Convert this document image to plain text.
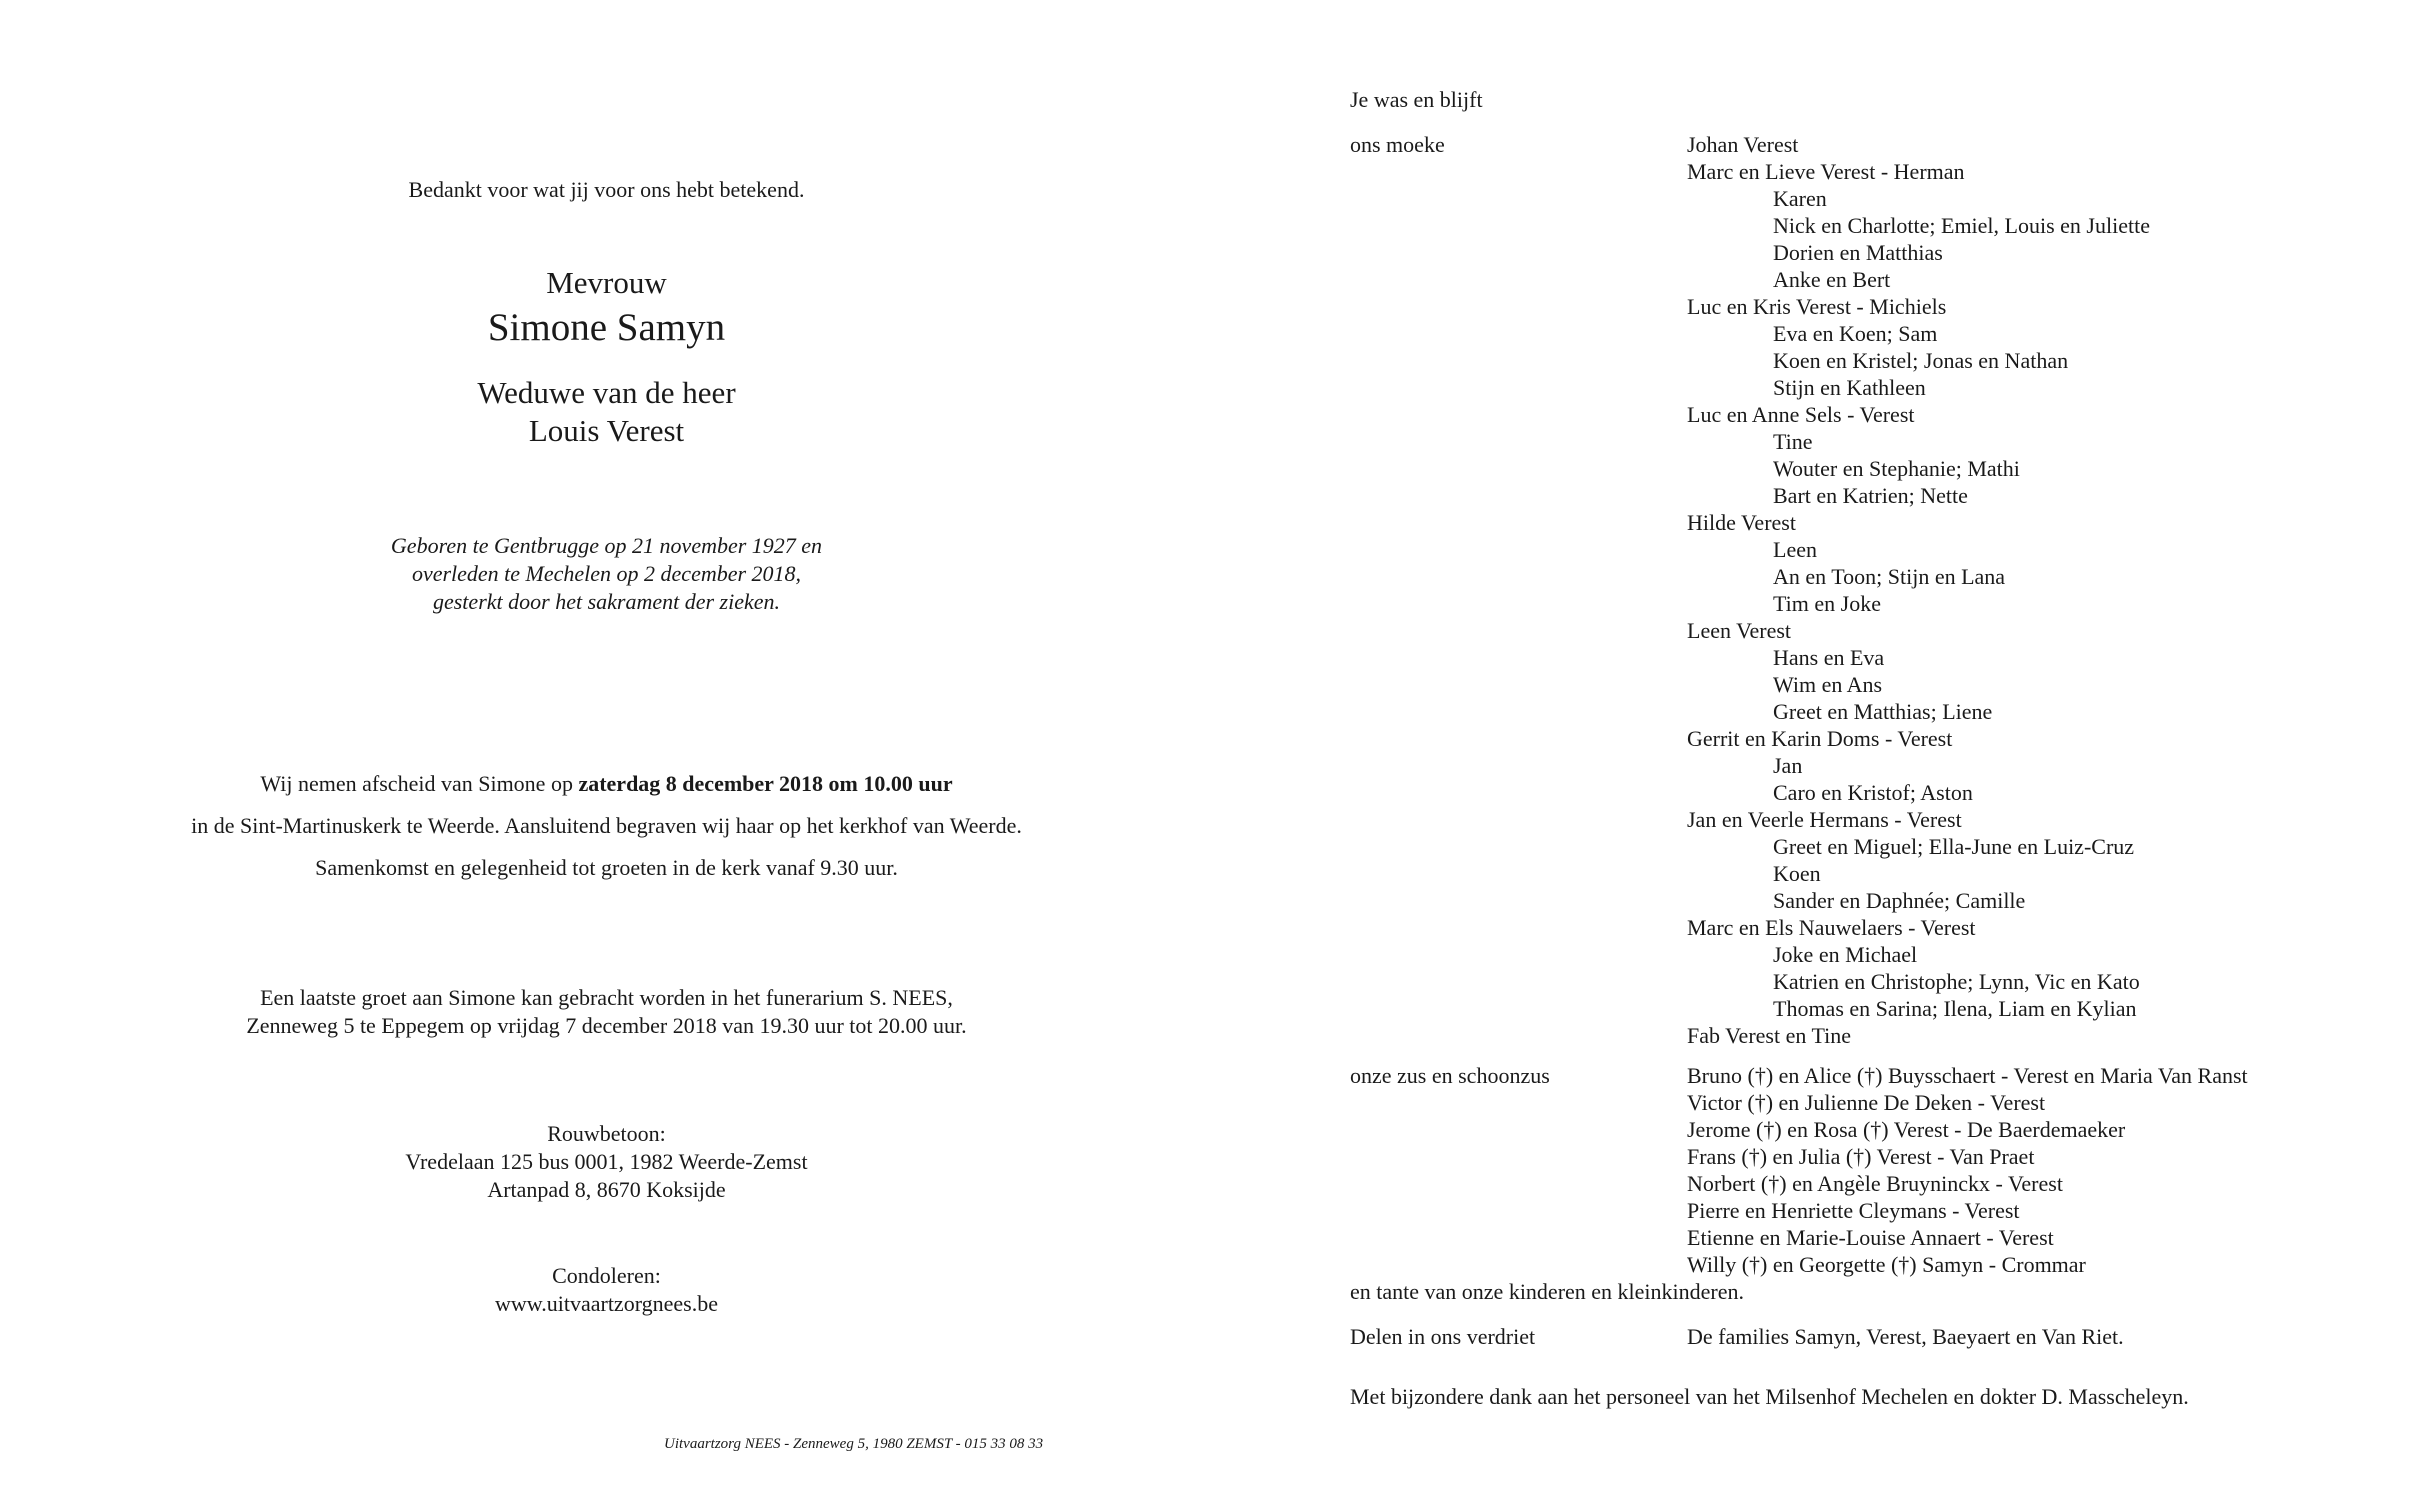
Bedankt voor wat jij voor ons hebt betekend.
Mevrouw
Simone Samyn
Weduwe van de heer
Louis Verest
Geboren te Gentbrugge op 21 november 1927 en
overleden te Mechelen op 2 december 2018,
gesterkt door het sakrament der zieken.
Wij nemen afscheid van Simone op zaterdag 8 december 2018 om 10.00 uur
in de Sint-Martinuskerk te Weerde. Aansluitend begraven wij haar op het kerkhof van Weerde.
Samenkomst en gelegenheid tot groeten in de kerk vanaf 9.30 uur.
Een laatste groet aan Simone kan gebracht worden in het funerarium S. NEES,
Zenneweg 5 te Eppegem op vrijdag 7 december 2018 van 19.30 uur tot 20.00 uur.
Rouwbetoon:
Vredelaan 125 bus 0001, 1982 Weerde-Zemst
Artanpad 8, 8670 Koksijde
Condoleren:
www.uitvaartzorgnees.be
Uitvaartzorg NEES - Zenneweg 5, 1980 ZEMST - 015 33 08 33
Je was en blijft
ons moeke	Johan Verest
Marc en Lieve Verest - Herman
Karen
Nick en Charlotte; Emiel, Louis en Juliette
Dorien en Matthias
Anke en Bert
Luc en Kris Verest - Michiels
Eva en Koen; Sam
Koen en Kristel; Jonas en Nathan
Stijn en Kathleen
Luc en Anne Sels - Verest
Tine
Wouter en Stephanie; Mathi
Bart en Katrien; Nette
Hilde Verest
Leen
An en Toon; Stijn en Lana
Tim en Joke
Leen Verest
Hans en Eva
Wim en Ans
Greet en Matthias; Liene
Gerrit en Karin Doms - Verest
Jan
Caro en Kristof; Aston
Jan en Veerle Hermans - Verest
Greet en Miguel; Ella-June en Luiz-Cruz
Koen
Sander en Daphnée; Camille
Marc en Els Nauwelaers - Verest
Joke en Michael
Katrien en Christophe; Lynn, Vic en Kato
Thomas en Sarina; Ilena, Liam en Kylian
Fab Verest en Tine
onze zus en schoonzus	Bruno (†) en Alice (†) Buysschaert - Verest en Maria Van Ranst
Victor (†) en Julienne De Deken - Verest
Jerome (†) en Rosa (†) Verest - De Baerdemaeker
Frans (†) en Julia (†) Verest - Van Praet
Norbert (†) en Angèle Bruyninckx - Verest
Pierre en Henriette Cleymans - Verest
Etienne en Marie-Louise Annaert - Verest
Willy (†) en Georgette (†) Samyn - Crommar
en tante van onze kinderen en kleinkinderen.
Delen in ons verdriet	De families Samyn, Verest, Baeyaert en Van Riet.
Met bijzondere dank aan het personeel van het Milsenhof Mechelen en dokter D. Masscheleyn.
